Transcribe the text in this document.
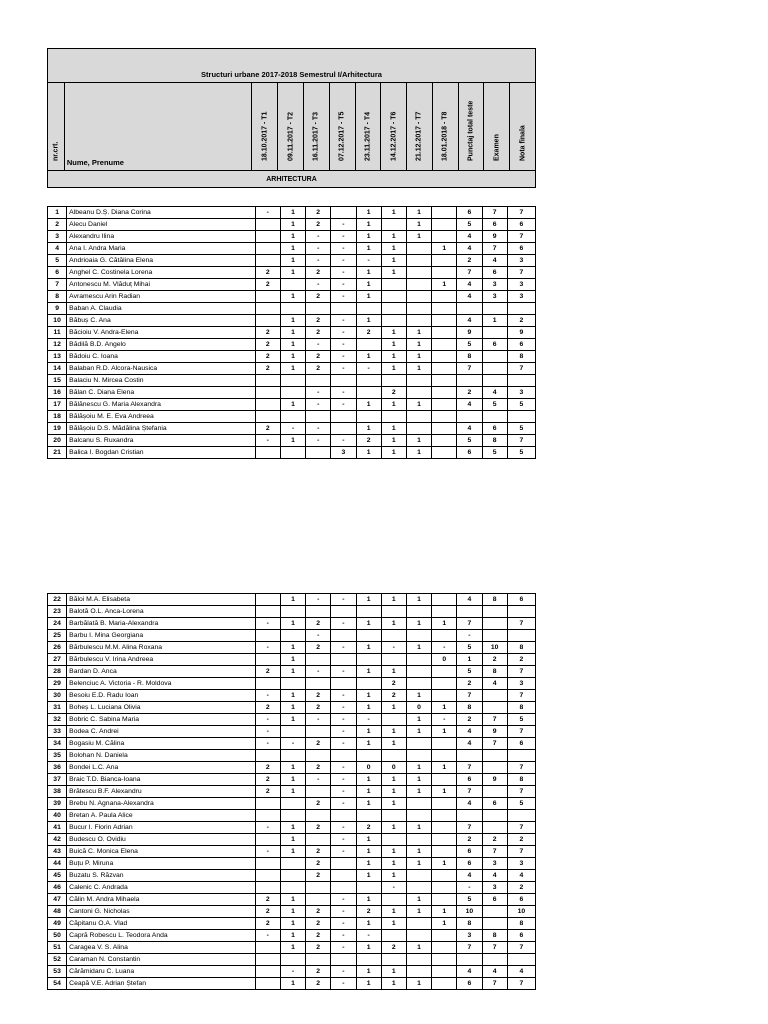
Structuri urbane 2017-2018 Semestrul I/Arhitectura

nr.crt.
	Nume, Prenume	
18.10.2017 - T1	09.11.2017 - T2	16.11.2017 - T3	07.12.2017 - T5	23.11.2017 - T4	14.12.2017 - T6	21.12.2017 - T7	18.01.2018 - T8	Punctaj total teste	Examen	Nota finala

ARHITECTURA
1	Albeanu D.Ș. Diana Corina	-	1	2		1	1	1		6	7	7
2	Alecu Daniel		1	2	-	1		1		5	6	6
3	Alexandru Ilina		1	-	-	1	1	1		4	9	7
4	Ana I. Andra Maria		1	-	-	1	1		1	4	7	6
5	Andrioaia G. Cătălina Elena		1	-	-	-	1			2	4	3
6	Anghel C. Costinela Lorena	2	1	2	-	1	1			7	6	7
7	Antonescu M. Vlăduț Mihai	2		-	-	1			1	4	3	3
8	Avramescu Arin Radian		1	2	-	1				4	3	3
9	Baban A. Claudia											
10	Băbuș C. Ana		1	2	-	1				4	1	2
11	Băcioiu V. Andra-Elena	2	1	2	-	2	1	1		9		9
12	Bădilă B.D. Angelo	2	1	-	-		1	1		5	6	6
13	Bădoiu C. Ioana	2	1	2	-	1	1	1		8		8
14	Balaban R.D. Alcora-Nausica	2	1	2	-	-	1	1		7		7
15	Balaciu N. Mircea Costin											
16	Bălan C. Diana Elena			-	-		2			2	4	3
17	Bălănescu G. Maria Alexandra		1	-	-	1	1	1		4	5	5
18	Bălășoiu M. E. Eva Andreea											
19	Bălășoiu D.S. Mădălina Ștefania	2	-	-		1	1			4	6	5
20	Balcanu S. Ruxandra	-	1	-	-	2	1	1		5	8	7
21	Balica I. Bogdan Cristian				3	1	1	1		6	5	5
22	Băloi M.A. Elisabeta		1	-	-	1	1	1		4	8	6
23	Balotă O.L. Anca-Lorena											
24	Barbălată B. Maria-Alexandra	-	1	2	-	1	1	1	1	7		7
25	Barbu I. Mina Georgiana			-						-		
26	Bărbulescu M.M. Alina Roxana	-	1	2	-	1	-	1	-	5	10	8
27	Bărbulescu V. Irina Andreea		1						0	1	2	2
28	Bardan D. Anca	2	1	-	-	1	1			5	8	7
29	Belenciuc A. Victoria - R. Moldova						2			2	4	3
30	Besoiu E.D. Radu Ioan	-	1	2	-	1	2	1		7		7
31	Boheș L. Luciana Olivia	2	1	2	-	1	1	0	1	8		8
32	Bobric C. Sabina Maria	-	1	-	-	-		1	-	2	7	5
33	Bodea C. Andrei	-			-	1	1	1	1	4	9	7
34	Bogasiu M. Călina	-	-	2	-	1	1			4	7	6
35	Bolohan N. Daniela											
36	Bondei L.C. Ana	2	1	2	-	0	0	1	1	7		7
37	Braic T.D. Bianca-Ioana	2	1	-	-	1	1	1		6	9	8
38	Brătescu B.F. Alexandru	2	1		-	1	1	1	1	7		7
39	Brebu N. Agnana-Alexandra			2	-	1	1			4	6	5
40	Bretan A. Paula Alice											
41	Bucur I. Florin Adrian	-	1	2	-	2	1	1		7		7
42	Budescu O. Ovidiu		1		-	1				2	2	2
43	Buică C. Monica Elena	-	1	2	-	1	1	1		6	7	7
44	Buțu P. Miruna			2		1	1	1	1	6	3	3
45	Buzatu S. Răzvan			2		1	1			4	4	4
46	Calenic C. Andrada						-			-	3	2
47	Călin M. Andra Mihaela	2	1		-	1		1		5	6	6
48	Cantoni G. Nicholas	2	1	2	-	2	1	1	1	10		10
49	Căpitanu O.A. Vlad	2	1	2	-	1	1		1	8		8
50	Capră Robescu L. Teodora Anda	-	1	2	-	-				3	8	6
51	Caragea V. S. Alina		1	2	-	1	2	1		7	7	7
52	Caraman N. Constantin											
53	Cărămidaru C. Luana		-	2	-	1	1			4	4	4
54	Ceapă V.E. Adrian Ștefan		1	2	-	1	1	1		6	7	7
